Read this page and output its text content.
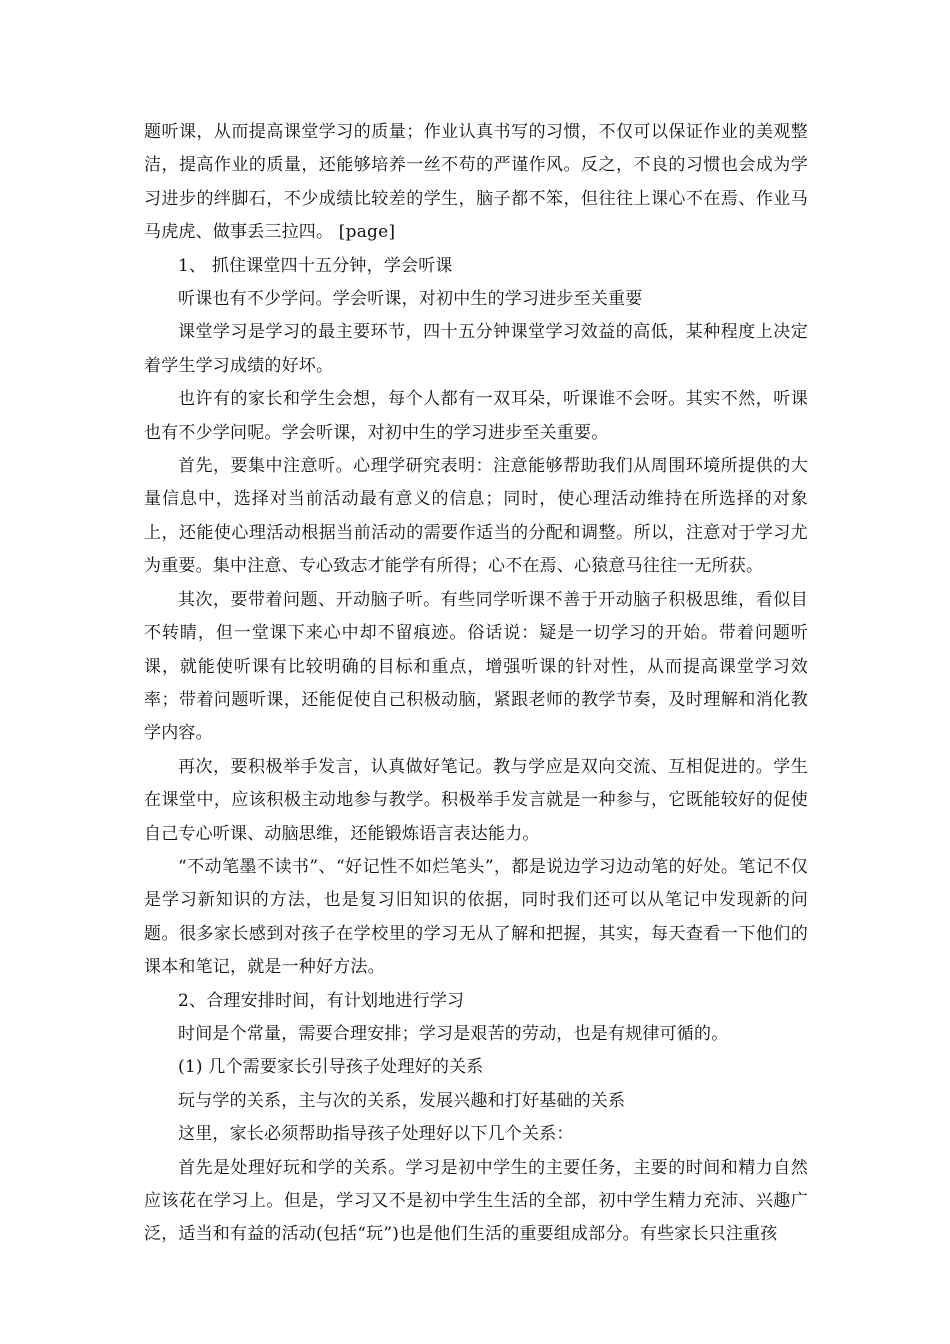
题听课，从而提高课堂学习的质量；作业认真书写的习惯，不仅可以保证作业的美观整洁，提高作业的质量，还能够培养一丝不苟的严谨作风。反之，不良的习惯也会成为学习进步的绊脚石，不少成绩比较差的学生，脑子都不笨，但往往上课心不在焉、作业马马虎虎、做事丢三拉四。 [page]

1、 抓住课堂四十五分钟，学会听课

听课也有不少学问。学会听课，对初中生的学习进步至关重要

课堂学习是学习的最主要环节，四十五分钟课堂学习效益的高低，某种程度上决定着学生学习成绩的好坏。

也许有的家长和学生会想，每个人都有一双耳朵，听课谁不会呀。其实不然，听课也有不少学问呢。学会听课，对初中生的学习进步至关重要。

首先，要集中注意听。心理学研究表明：注意能够帮助我们从周围环境所提供的大量信息中，选择对当前活动最有意义的信息；同时，使心理活动维持在所选择的对象上，还能使心理活动根据当前活动的需要作适当的分配和调整。所以，注意对于学习尤为重要。集中注意、专心致志才能学有所得；心不在焉、心猿意马往往一无所获。

其次，要带着问题、开动脑子听。有些同学听课不善于开动脑子积极思维，看似目不转睛，但一堂课下来心中却不留痕迹。俗话说：疑是一切学习的开始。带着问题听课，就能使听课有比较明确的目标和重点，增强听课的针对性，从而提高课堂学习效率；带着问题听课，还能促使自己积极动脑，紧跟老师的教学节奏，及时理解和消化教学内容。

再次，要积极举手发言，认真做好笔记。教与学应是双向交流、互相促进的。学生在课堂中，应该积极主动地参与教学。积极举手发言就是一种参与，它既能较好的促使自己专心听课、动脑思维，还能锻炼语言表达能力。

“不动笔墨不读书”、“好记性不如烂笔头”，都是说边学习边动笔的好处。笔记不仅是学习新知识的方法，也是复习旧知识的依据，同时我们还可以从笔记中发现新的问题。很多家长感到对孩子在学校里的学习无从了解和把握，其实，每天查看一下他们的课本和笔记，就是一种好方法。

2、合理安排时间，有计划地进行学习

时间是个常量，需要合理安排；学习是艰苦的劳动，也是有规律可循的。

(1) 几个需要家长引导孩子处理好的关系

玩与学的关系，主与次的关系，发展兴趣和打好基础的关系

这里，家长必须帮助指导孩子处理好以下几个关系：

首先是处理好玩和学的关系。学习是初中学生的主要任务，主要的时间和精力自然应该花在学习上。但是，学习又不是初中学生生活的全部，初中学生精力充沛、兴趣广泛，适当和有益的活动(包括“玩”)也是他们生活的重要组成部分。有些家长只注重孩
